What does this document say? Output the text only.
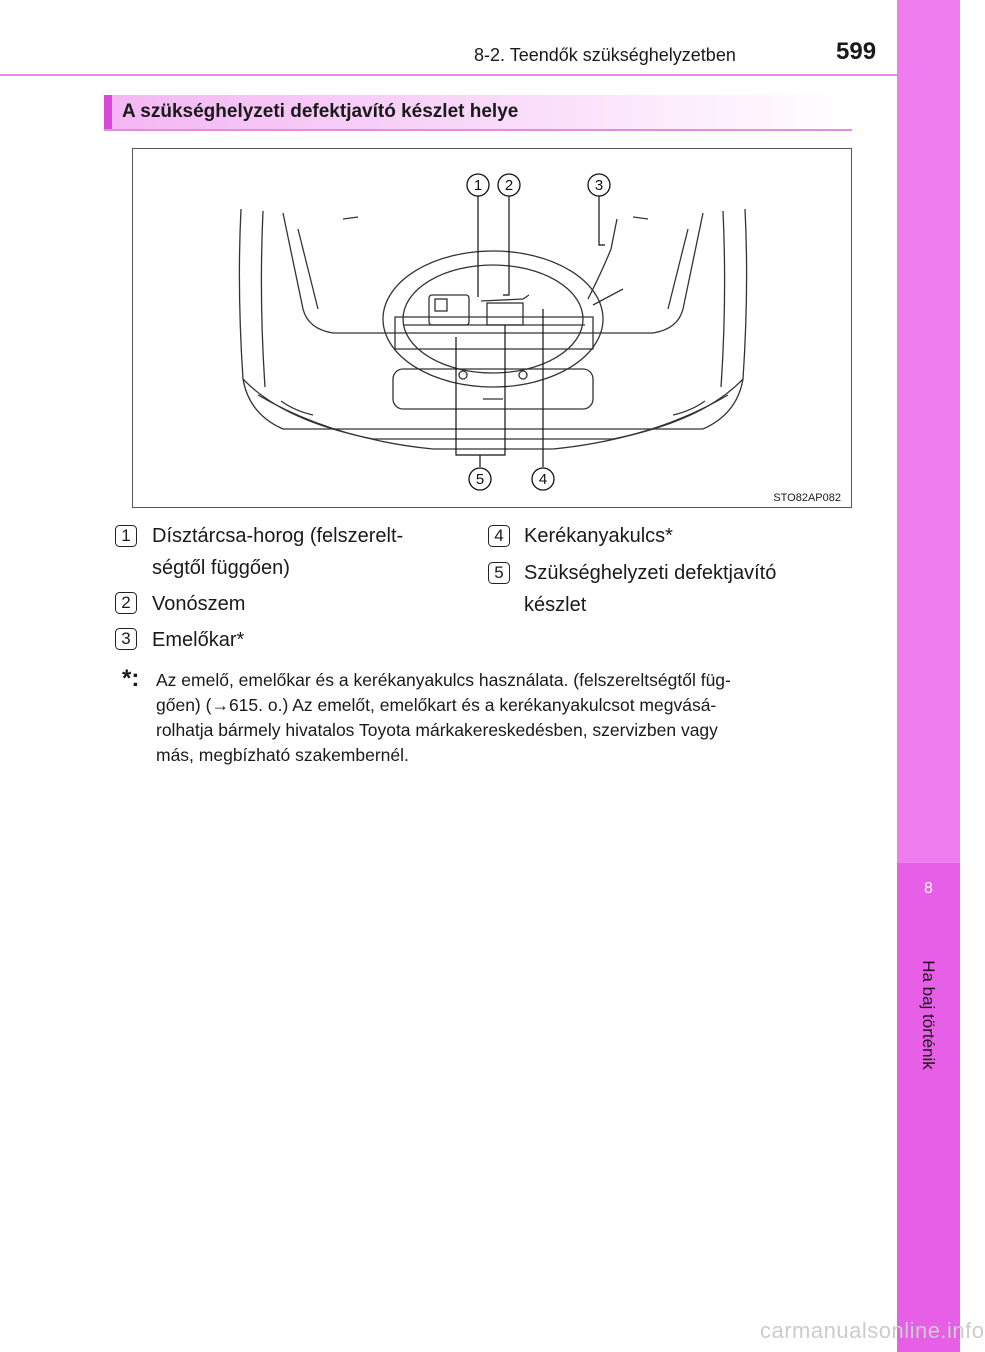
8
Ha baj történik
8-2. Teendők szükséghelyzetben	599
A szükséghelyzeti defektjavító készlet helye
1 2	3
4
5
STO82AP082
1	Dísztárcsa-horog (felszerelt-
ségtől függően)
2	Vonószem
3	Emelőkar*
4	Kerékanyakulcs*
5	Szükséghelyzeti defektjavító
készlet
*: Az emelő, emelőkar és a kerékanyakulcs használata. (felszereltségtől füg-
gően) (→615. o.) Az emelőt, emelőkart és a kerékanyakulcsot megvásá-
rolhatja bármely hivatalos Toyota márkakereskedésben, szervizben vagy
más, megbízható szakembernél.
carmanualsonline.info
